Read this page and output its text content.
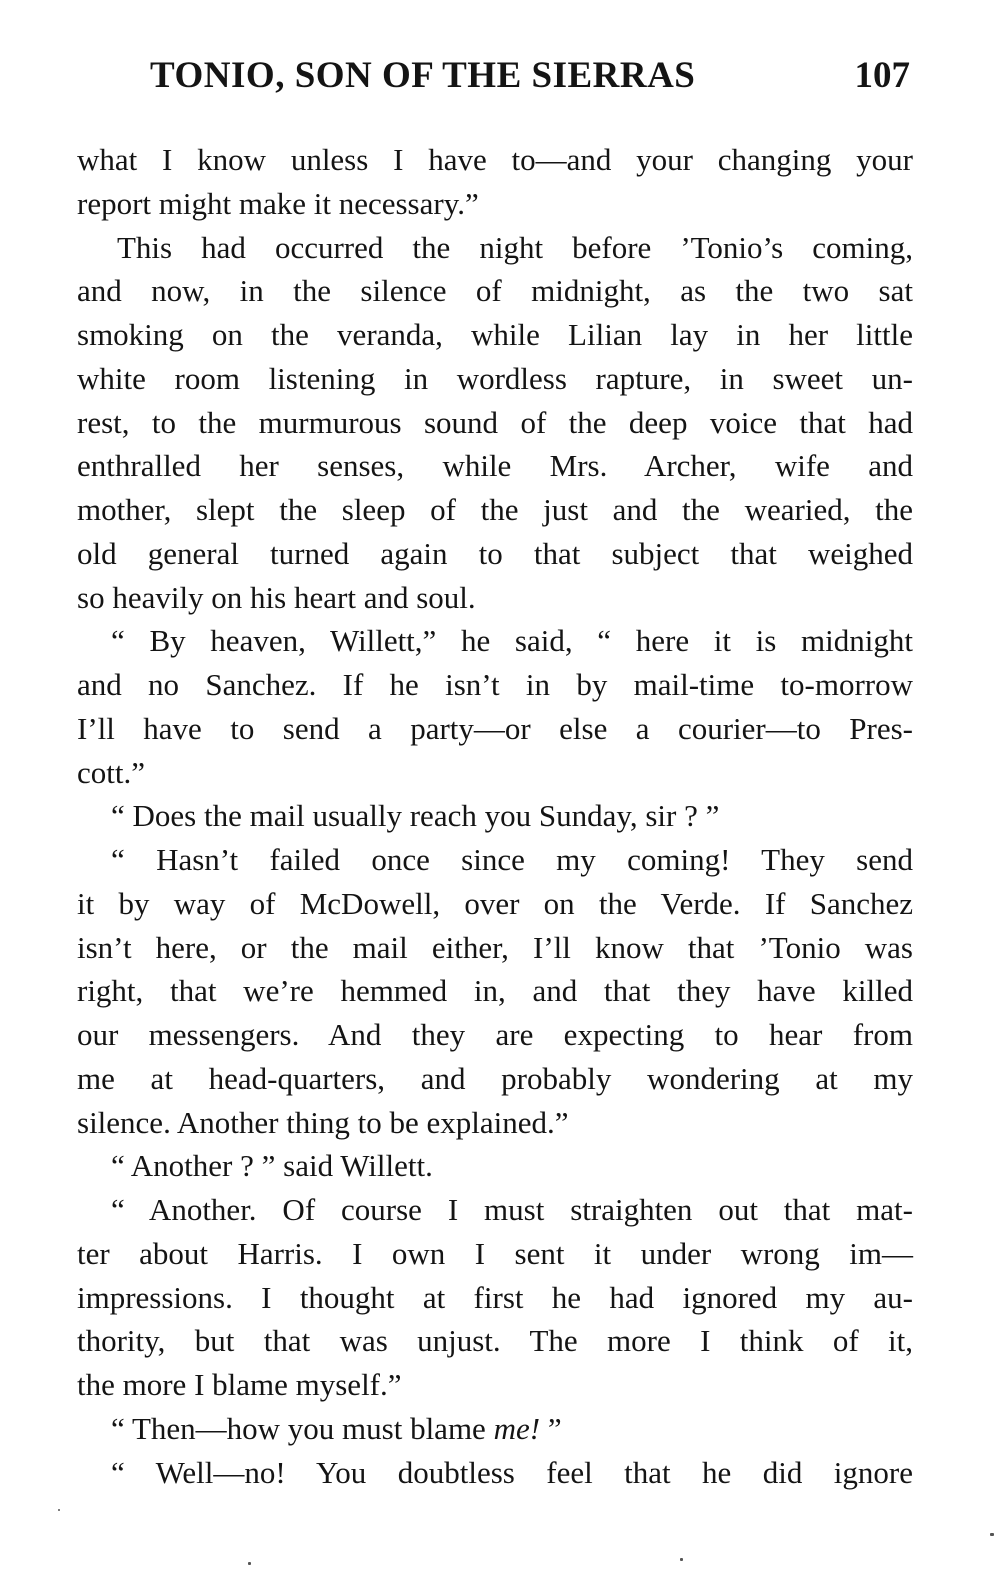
TONIO, SON OF THE SIERRAS	107
what I know unless I have to—and your changing your
report might make it necessary.”
This had occurred the night before ’Tonio’s coming,
and now, in the silence of midnight, as the two sat
smoking on the veranda, while Lilian lay in her little
white room listening in wordless rapture, in sweet un-
rest, to the murmurous sound of the deep voice that had
enthralled her senses, while Mrs. Archer, wife and
mother, slept the sleep of the just and the wearied, the
old general turned again to that subject that weighed
so heavily on his heart and soul.
“ By heaven, Willett,” he said, “ here it is midnight
and no Sanchez. If he isn’t in by mail-time to-morrow
I’ll have to send a party—or else a courier—to Pres-
cott.”
“ Does the mail usually reach you Sunday, sir ? ”
“ Hasn’t failed once since my coming! They send
it by way of McDowell, over on the Verde. If Sanchez
isn’t here, or the mail either, I’ll know that ’Tonio was
right, that we’re hemmed in, and that they have killed
our messengers. And they are expecting to hear from
me at head-quarters, and probably wondering at my
silence. Another thing to be explained.”
“ Another ? ” said Willett.
“ Another. Of course I must straighten out that mat-
ter about Harris. I own I sent it under wrong im—
impressions. I thought at first he had ignored my au-
thority, but that was unjust. The more I think of it,
the more I blame myself.”
“ Then—how you must blame me! ”
“ Well—no! You doubtless feel that he did ignore
